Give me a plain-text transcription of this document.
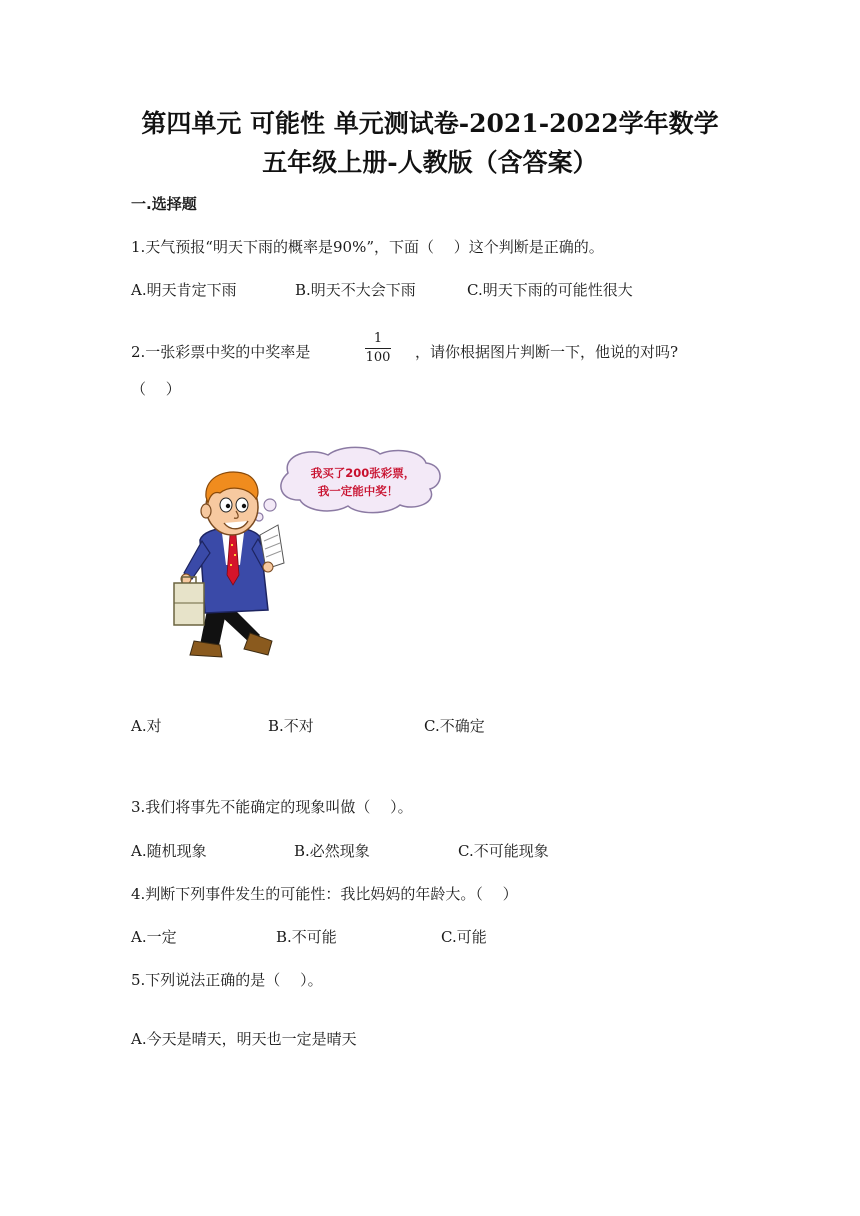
第四单元 可能性 单元测试卷-2021-2022学年数学
五年级上册-人教版（含答案）
一.选择题
1.天气预报“明天下雨的概率是90%”，下面（　 ）这个判断是正确的。
A.明天肯定下雨	B.明天不大会下雨	C.明天下雨的可能性很大
2.一张彩票中奖的中奖率是
1
100 ，请你根据图片判断一下，他说的对吗?
（　 ）
我买了200张彩票，
我一定能中奖！
A.对	B.不对	C.不确定
3.我们将事先不能确定的现象叫做（　 ）。
A.随机现象	B.必然现象	C.不可能现象
4.判断下列事件发生的可能性：我比妈妈的年龄大。（　 ）
A.一定	B.不可能	C.可能
5.下列说法正确的是（　 ）。
A.今天是晴天，明天也一定是晴天
